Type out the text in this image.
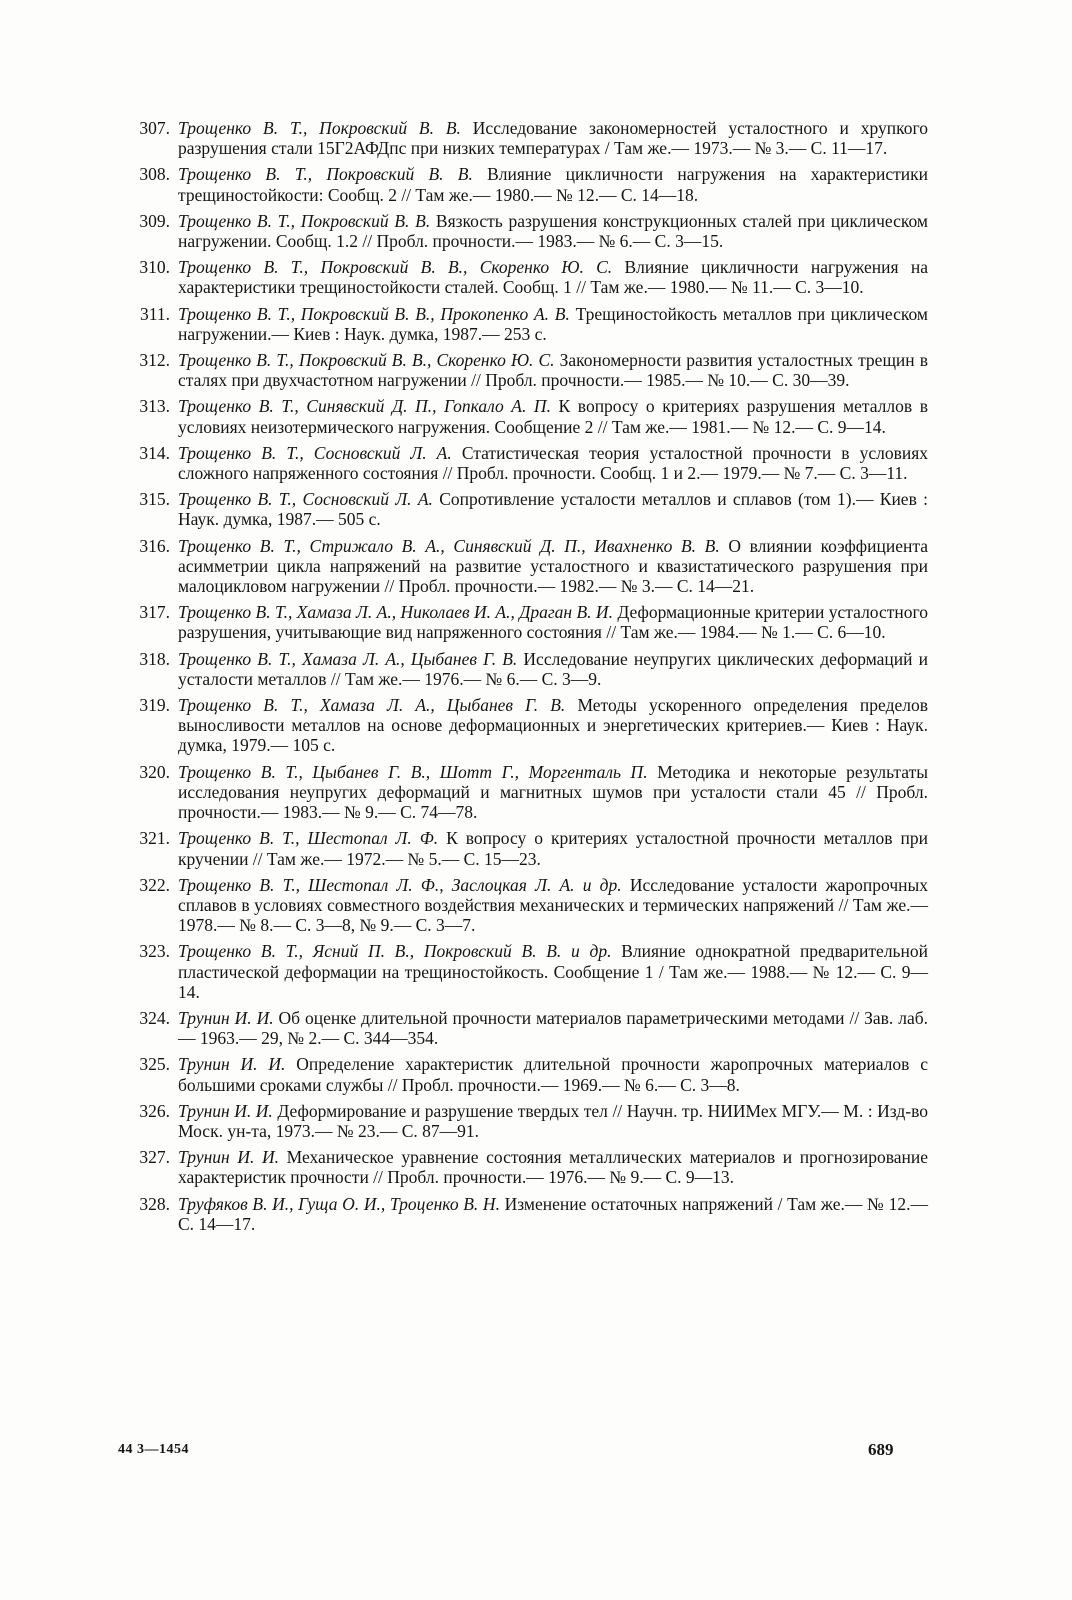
307. Трощенко В. Т., Покровский В. В. Исследование закономерностей усталостного и хрупкого разрушения стали 15Г2АФДпс при низких температурах / Там же.— 1973.— № 3.— С. 11—17.
308. Трощенко В. Т., Покровский В. В. Влияние цикличности нагружения на характеристики трещиностойкости: Сообщ. 2 // Там же.— 1980.— № 12.— С. 14—18.
309. Трощенко В. Т., Покровский В. В. Вязкость разрушения конструкционных сталей при циклическом нагружении. Сообщ. 1.2 // Пробл. прочности.— 1983.— № 6.— С. 3—15.
310. Трощенко В. Т., Покровский В. В., Скоренко Ю. С. Влияние цикличности нагружения на характеристики трещиностойкости сталей. Сообщ. 1 // Там же.— 1980.— № 11.— С. 3—10.
311. Трощенко В. Т., Покровский В. В., Прокопенко А. В. Трещиностойкость металлов при циклическом нагружении.— Киев : Наук. думка, 1987.— 253 с.
312. Трощенко В. Т., Покровский В. В., Скоренко Ю. С. Закономерности развития усталостных трещин в сталях при двухчастотном нагружении // Пробл. прочности.— 1985.— № 10.— С. 30—39.
313. Трощенко В. Т., Синявский Д. П., Гопкало А. П. К вопросу о критериях разрушения металлов в условиях неизотермического нагружения. Сообщение 2 // Там же.— 1981.— № 12.— С. 9—14.
314. Трощенко В. Т., Сосновский Л. А. Статистическая теория усталостной прочности в условиях сложного напряженного состояния // Пробл. прочности. Сообщ. 1 и 2.— 1979.— № 7.— С. 3—11.
315. Трощенко В. Т., Сосновский Л. А. Сопротивление усталости металлов и сплавов (том 1).— Киев : Наук. думка, 1987.— 505 с.
316. Трощенко В. Т., Стрижало В. А., Синявский Д. П., Ивахненко В. В. О влиянии коэффициента асимметрии цикла напряжений на развитие усталостного и квазистатического разрушения при малоцикловом нагружении // Пробл. прочности.— 1982.— № 3.— С. 14—21.
317. Трощенко В. Т., Хамаза Л. А., Николаев И. А., Драган В. И. Деформационные критерии усталостного разрушения, учитывающие вид напряженного состояния // Там же.— 1984.— № 1.— С. 6—10.
318. Трощенко В. Т., Хамаза Л. А., Цыбанев Г. В. Исследование неупругих циклических деформаций и усталости металлов // Там же.— 1976.— № 6.— С. 3—9.
319. Трощенко В. Т., Хамаза Л. А., Цыбанев Г. В. Методы ускоренного определения пределов выносливости металлов на основе деформационных и энергетических критериев.— Киев : Наук. думка, 1979.— 105 с.
320. Трощенко В. Т., Цыбанев Г. В., Шотт Г., Моргенталь П. Методика и некоторые результаты исследования неупругих деформаций и магнитных шумов при усталости стали 45 // Пробл. прочности.— 1983.— № 9.— С. 74—78.
321. Трощенко В. Т., Шестопал Л. Ф. К вопросу о критериях усталостной прочности металлов при кручении // Там же.— 1972.— № 5.— С. 15—23.
322. Трощенко В. Т., Шестопал Л. Ф., Заслоцкая Л. А. и др. Исследование усталости жаропрочных сплавов в условиях совместного воздействия механических и термических напряжений // Там же.— 1978.— № 8.— С. 3—8, № 9.— С. 3—7.
323. Трощенко В. Т., Ясний П. В., Покровский В. В. и др. Влияние однократной предварительной пластической деформации на трещиностойкость. Сообщение 1 / Там же.— 1988.— № 12.— С. 9—14.
324. Трунин И. И. Об оценке длительной прочности материалов параметрическими методами // Зав. лаб.— 1963.— 29, № 2.— С. 344—354.
325. Трунин И. И. Определение характеристик длительной прочности жаропрочных материалов с большими сроками службы // Пробл. прочности.— 1969.— № 6.— С. 3—8.
326. Трунин И. И. Деформирование и разрушение твердых тел // Научн. тр. НИИМех МГУ.— М. : Изд-во Моск. ун-та, 1973.— № 23.— С. 87—91.
327. Трунин И. И. Механическое уравнение состояния металлических материалов и прогнозирование характеристик прочности // Пробл. прочности.— 1976.— № 9.— С. 9—13.
328. Труфяков В. И., Гуща О. И., Троценко В. Н. Изменение остаточных напряжений / Там же.— № 12.— С. 14—17.
44 3—1454	689
